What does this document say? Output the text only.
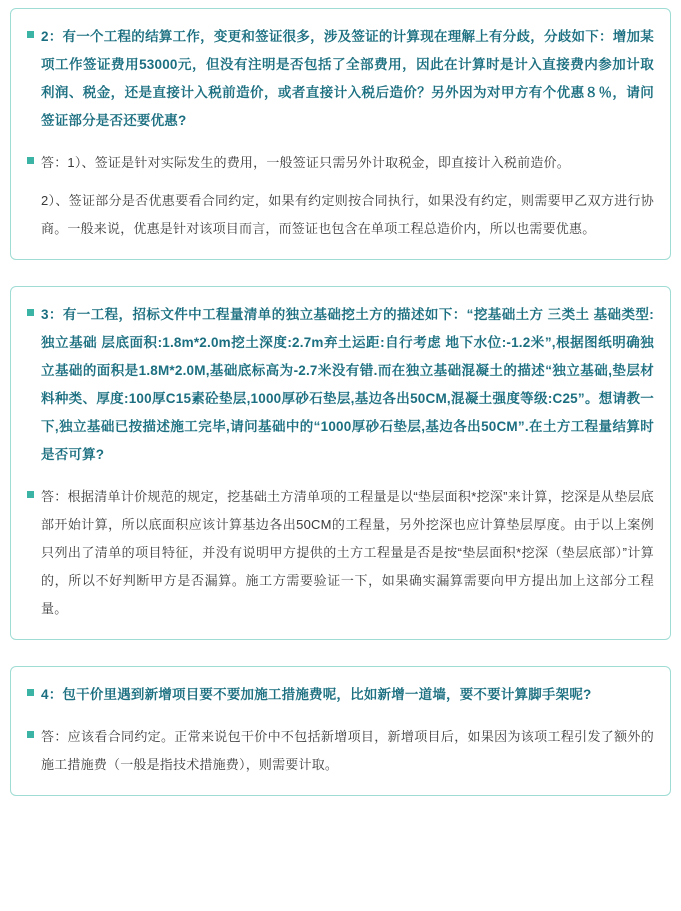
2：有一个工程的结算工作，变更和签证很多，涉及签证的计算现在理解上有分歧，分歧如下：增加某项工作签证费用53000元，但没有注明是否包括了全部费用，因此在计算时是计入直接费内参加计取利润、税金，还是直接计入税前造价，或者直接计入税后造价？另外因为对甲方有个优惠８％，请问签证部分是否还要优惠?
答：1）、签证是针对实际发生的费用，一般签证只需另外计取税金，即直接计入税前造价。
2）、签证部分是否优惠要看合同约定，如果有约定则按合同执行，如果没有约定，则需要甲乙双方进行协商。一般来说，优惠是针对该项目而言，而签证也包含在单项工程总造价内，所以也需要优惠。
3：有一工程，招标文件中工程量清单的独立基础挖土方的描述如下：“挖基础土方 三类土 基础类型:独立基础 层底面积:1.8m*2.0m挖土深度:2.7m弃土运距:自行考虑 地下水位:-1.2米”,根据图纸明确独立基础的面积是1.8M*2.0M,基础底标高为-2.7米没有错.而在独立基础混凝土的描述“独立基础,垫层材料种类、厚度:100厚C15素砼垫层,1000厚砂石垫层,基边各出50CM,混凝土强度等级:C25”。想请教一下,独立基础已按描述施工完毕,请问基础中的“1000厚砂石垫层,基边各出50CM”.在土方工程量结算时是否可算?
答：根据清单计价规范的规定，挖基础土方清单项的工程量是以“垫层面积*挖深”来计算，挖深是从垫层底部开始计算，所以底面积应该计算基边各出50CM的工程量，另外挖深也应计算垫层厚度。由于以上案例只列出了清单的项目特征，并没有说明甲方提供的土方工程量是否是按“垫层面积*挖深（垫层底部）”计算的，所以不好判断甲方是否漏算。施工方需要验证一下，如果确实漏算需要向甲方提出加上这部分工程量。
4：包干价里遇到新增项目要不要加施工措施费呢，比如新增一道墙，要不要计算脚手架呢?
答：应该看合同约定。正常来说包干价中不包括新增项目，新增项目后，如果因为该项工程引发了额外的施工措施费（一般是指技术措施费），则需要计取。
